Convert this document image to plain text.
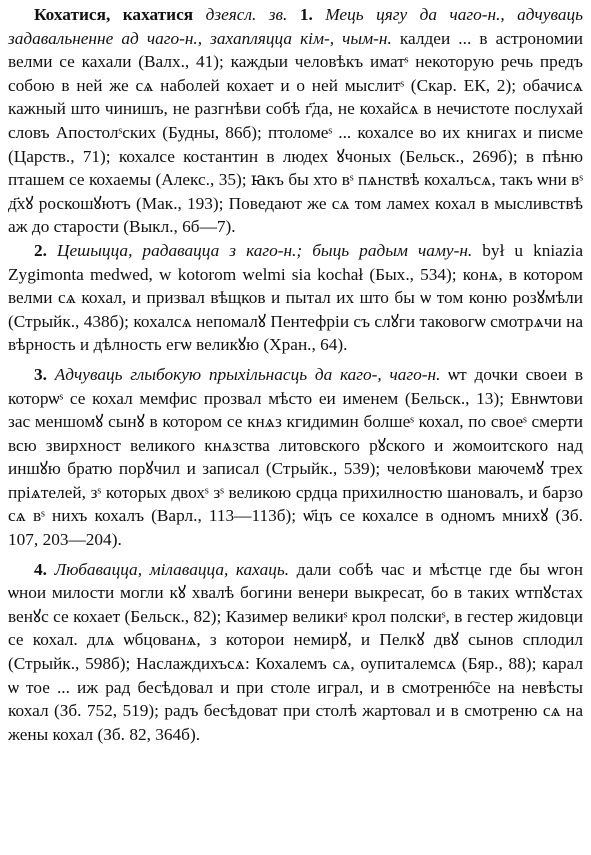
Кохатися, кахатися дзеясл. зв. 1. Мець цягу да чаго-н., адчуваць задавальненне ад чаго-н., захапляцца кім-, чым-н. калдеи ... в астрономии велми се кахали (Валх., 41); каждыи человѣкъ иматˢ некоторую речь предъ собою в ней же сѧ наболей кохает и о ней мыслитˢ (Скар. ЕК, 2); обачисѧ кажный што чинишъ, не разгнѣви собѣ г҃да, не кохайсѧ в нечистоте послухай словъ Апостолˢских (Будны, 86б); птоломеˢ ... кохалсе во их книгах и писме (Царств., 71); кохалсе костантин в людех ꙋчоных (Бельск., 269б); в пѣню пташем се кохаемы (Алекс., 35); ꙗкъ бы хто вˢ пѧнствѣ кохалъсѧ, такъ ѡни вˢ д҃хꙋ роскошꙋютъ (Мак., 193); Поведают же сѧ том ламех кохал в мысливствѣ аж до старости (Выкл., 6б—7).

2. Цешыцца, радавацца з каго-н.; быць радым чаму-н. był u kniazia Zygimonta medwed, w kotorom welmi sia kochał (Бых., 534); конѧ, в котором велми сѧ кохал, и призвал вѣщков и пытал их што бы ѡ том коню розꙋмѣли (Стрыйк., 438б); кохалсѧ непомалꙋ Пентефрiи съ слꙋги таковогѡ смотрѧчи на вѣрность и дѣлность егѡ великꙋю (Хран., 64).

3. Адчуваць глыбокую прыхільнасць да каго-, чаго-н. ѡт дочки своеи в которѡˢ се кохал мемфис прозвал мѣсто еи именем (Бельск., 13); Евнѡтови зас меншомꙋ сынꙋ в котором се кнѧз кгидимин болшеˢ кохал, по своеˢ смерти всю звирхност великого кнѧзства литовского рꙋского и жомоитского над иншꙋю братю порꙋчил и записал (Стрыйк., 539); человѣкови маючемꙋ трех прiѧтелей, зˢ которых двохˢ зˢ великою срдца прихилностю шановалъ, и барзо сѧ вˢ нихъ кохалъ (Варл., 113—113б); ѡ҃цъ се кохалсе в одномъ мнихꙋ (Зб. 107, 203—204).

4. Любавацца, мілавацца, кахаць. дали собѣ час и мѣстце где бы ѡгон ѡнои милости могли кꙋ хвалѣ богини венери выкресат, бо в таких ѡтпꙋстах венꙋс се кохает (Бельск., 82); Казимер великиˢ крол полскиˢ, в гестер жидовци се кохал. длѧ ѡбцованѧ, з которои немирꙋ, и Пелкꙋ двꙋ сынов сплодил (Стрыйк., 598б); Наслаждихъсѧ: Кохалемъ сѧ, оупиталемсѧ (Бяр., 88); карал ѡ тое ... иж рад бесѣдовал и при столе играл, и в смотреню҇се на невѣсты кохал (Зб. 752, 519); радъ бесѣдоват при столѣ жартовал и в смотреню сѧ на жены кохал (Зб. 82, 364б).
